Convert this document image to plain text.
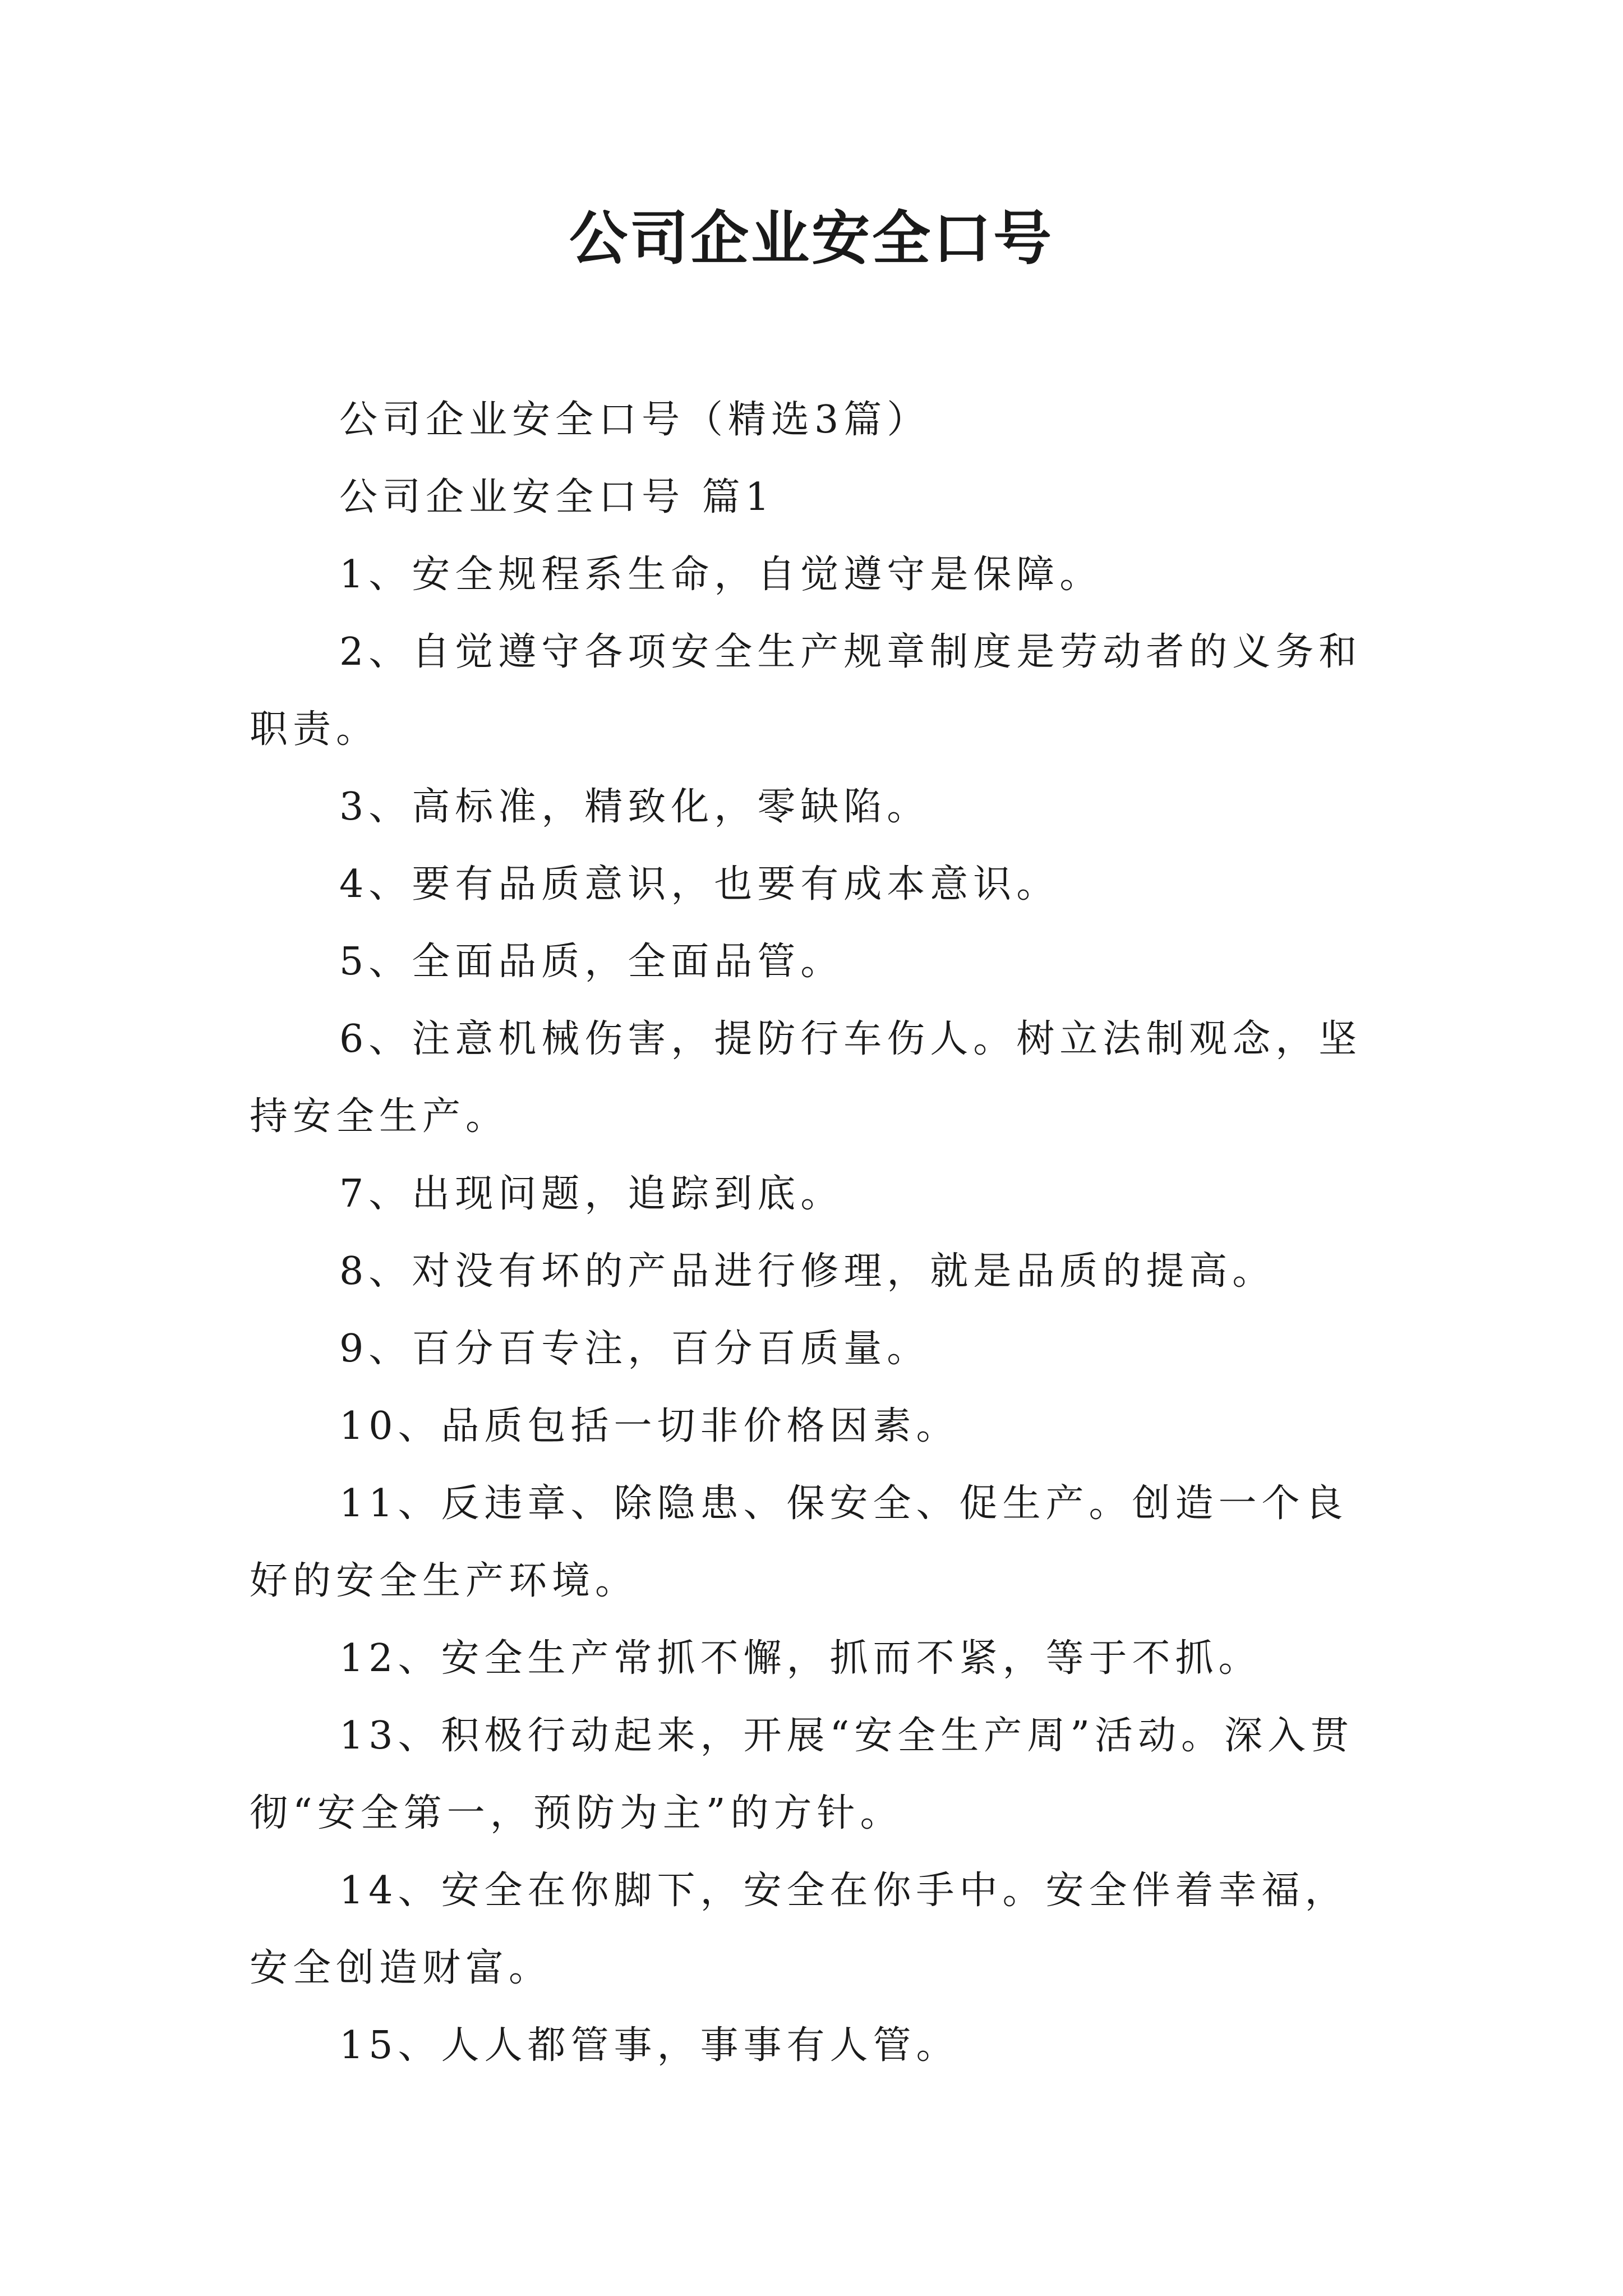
公司企业安全口号

公司企业安全口号（精选3篇）

公司企业安全口号 篇1

1、安全规程系生命，自觉遵守是保障。

2、自觉遵守各项安全生产规章制度是劳动者的义务和职责。

3、高标准，精致化，零缺陷。

4、要有品质意识，也要有成本意识。

5、全面品质，全面品管。

6、注意机械伤害，提防行车伤人。树立法制观念，坚持安全生产。

7、出现问题，追踪到底。

8、对没有坏的产品进行修理，就是品质的提高。

9、百分百专注，百分百质量。

10、品质包括一切非价格因素。

11、反违章、除隐患、保安全、促生产。创造一个良好的安全生产环境。

12、安全生产常抓不懈，抓而不紧，等于不抓。

13、积极行动起来，开展“安全生产周”活动。深入贯彻“安全第一，预防为主”的方针。

14、安全在你脚下，安全在你手中。安全伴着幸福，安全创造财富。

15、人人都管事，事事有人管。
